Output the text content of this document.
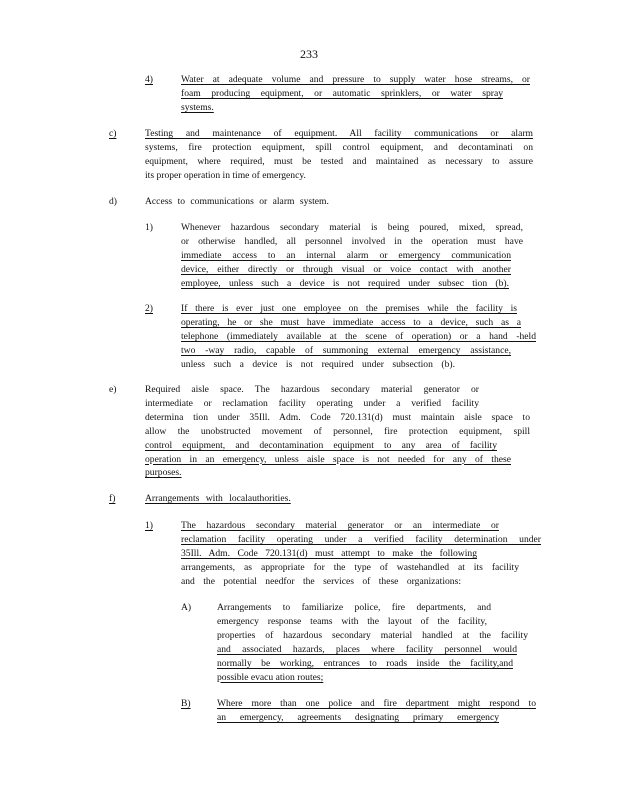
233
4)	Water at adequate volume and pressure to supply water hose streams, or
foam producing equipment, or automatic sprinklers, or water spray
systems.
c)	Testing and maintenance of equipment. All facility communications or alarm
systems, fire protection equipment, spill control equipment, and decontaminati on
equipment, where required, must be tested and maintained as necessary to assure
its proper operation in time of emergency.
d)	Access to communications or alarm system.
1)	Whenever hazardous secondary material is being poured, mixed, spread,
or otherwise handled, all personnel involved in the operation must have
immediate access to an internal alarm or emergency communication
device, either directly or through visual or voice contact with another
employee, unless such a device is not required under subsec tion (b).
2)	If there is ever just one employee on the premises while the facility is
operating, he or she must have immediate access to a device, such as a
telephone (immediately available at the scene of operation) or a hand -held
two -way radio, capable of summoning external emergency assistance,
unless such a device is not required under subsection (b).
e)	Required aisle space. The hazardous secondary material generator or
intermediate or reclamation facility operating under a verified facility
determina tion under 35Ill. Adm. Code 720.131(d) must maintain aisle space to
allow the unobstructed movement of personnel, fire protection equipment, spill
control equipment, and decontamination equipment to any area of facility
operation in an emergency, unless aisle space is not needed for any of these
purposes.
f)	Arrangements with localauthorities.
1)	The hazardous secondary material generator or an intermediate or
reclamation facility operating under a verified facility determination under
35Ill. Adm. Code 720.131(d) must attempt to make the following
arrangements, as appropriate for the type of wastehandled at its facility
and the potential needfor the services of these organizations:
A)	Arrangements to familiarize police, fire departments, and
emergency response teams with the layout of the facility,
properties of hazardous secondary material handled at the facility
and associated hazards, places where facility personnel would
normally be working, entrances to roads inside the facility,and
possible evacu ation routes;
B)	Where more than one police and fire department might respond to
an emergency, agreements designating primary emergency
